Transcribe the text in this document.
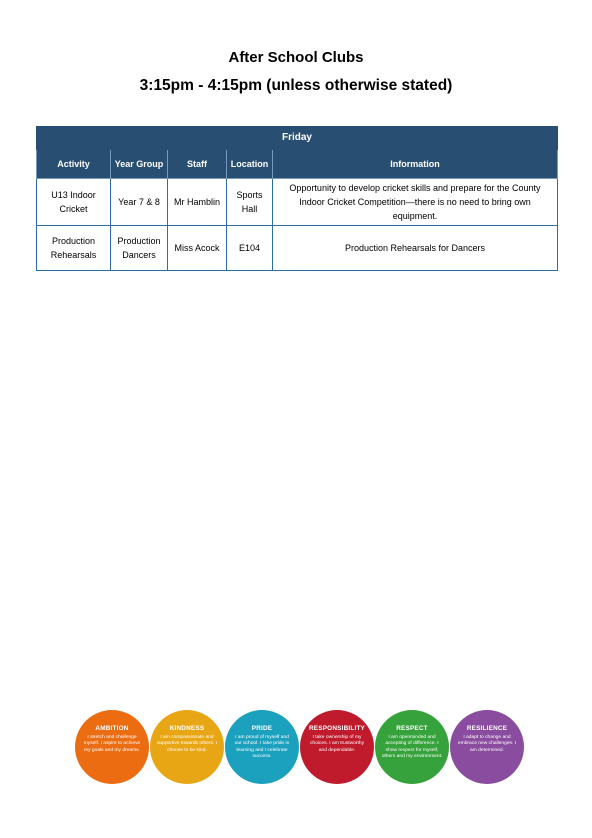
After School Clubs
3:15pm - 4:15pm (unless otherwise stated)
Friday				
Activity	Year Group	Staff	Location	Information
U13 Indoor Cricket	Year 7 & 8	Mr Hamblin	Sports Hall	Opportunity to develop cricket skills and prepare for the County Indoor Cricket Competition—there is no need to bring own equipment.
Production Rehearsals	Production Dancers	Miss Acock	E104	Production Rehearsals for Dancers
AMBITION
I stretch and challenge myself. I aspire to achieve my goals and my dreams.
KINDNESS
I am compassionate and supportive towards others. I choose to be kind.
PRIDE
I am proud of myself and our school. I take pride in learning and I celebrate success.
RESPONSIBILITY
I take ownership of my choices. I am trustworthy and dependable.
RESPECT
I am openminded and accepting of difference. I show respect for myself, others and my environment.
RESILIENCE
I adapt to change and embrace new challenges. I am determined.
